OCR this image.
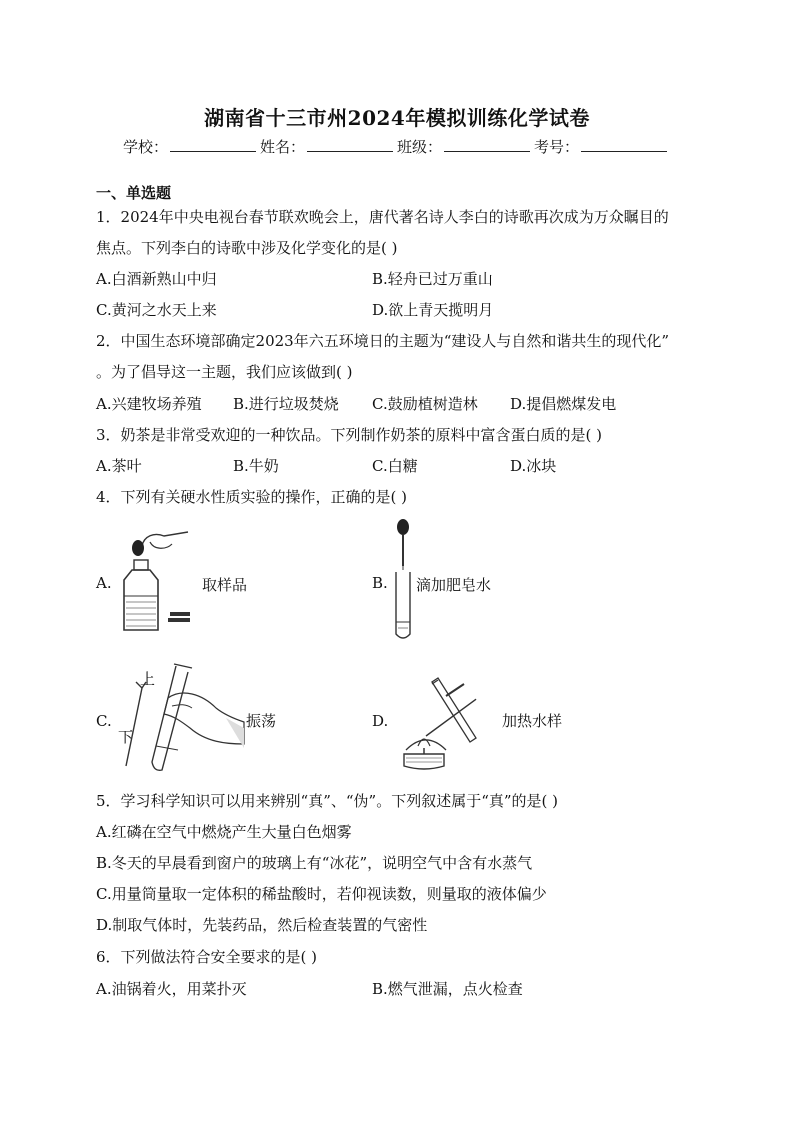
湖南省十三市州2024年模拟训练化学试卷
学校：	姓名：	班级：	考号：
一、单选题
1．2024年中央电视台春节联欢晚会上，唐代著名诗人李白的诗歌再次成为万众瞩目的
焦点。下列李白的诗歌中涉及化学变化的是( )
A.白酒新熟山中归	B.轻舟已过万重山
C.黄河之水天上来	D.欲上青天揽明月
2．中国生态环境部确定2023年六五环境日的主题为“建设人与自然和谐共生的现代化”
。为了倡导这一主题，我们应该做到( )
A.兴建牧场养殖 B.进行垃圾焚烧 C.鼓励植树造林 D.提倡燃煤发电
3．奶茶是非常受欢迎的一种饮品。下列制作奶茶的原料中富含蛋白质的是( )
A.茶叶	B.牛奶	C.白糖	D.冰块
4．下列有关硬水性质实验的操作，正确的是( )
A.	取样品	B. 滴加肥皂水
C.
上
下
振荡	D.	加热水样
5．学习科学知识可以用来辨别“真”、“伪”。下列叙述属于“真”的是( )
A.红磷在空气中燃烧产生大量白色烟雾
B.冬天的早晨看到窗户的玻璃上有“冰花”，说明空气中含有水蒸气
C.用量筒量取一定体积的稀盐酸时，若仰视读数，则量取的液体偏少
D.制取气体时，先装药品，然后检查装置的气密性
6．下列做法符合安全要求的是( )
A.油锅着火，用菜扑灭	B.燃气泄漏，点火检查
